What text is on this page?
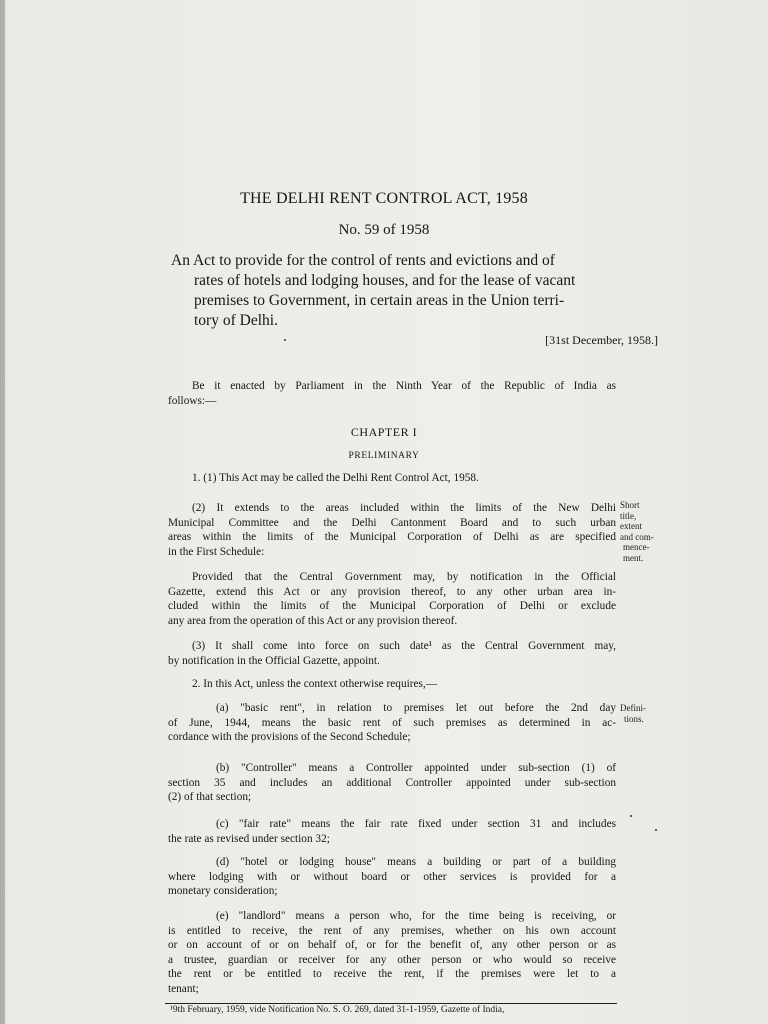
THE DELHI RENT CONTROL ACT, 1958
No. 59 of 1958
An Act to provide for the control of rents and evictions and of
rates of hotels and lodging houses, and for the lease of vacant
premises to Government, in certain areas in the Union terri-
tory of Delhi.
[31st December, 1958.]
Be it enacted by Parliament in the Ninth Year of the Republic of India as
follows:—
CHAPTER I
PRELIMINARY
1. (1) This Act may be called the Delhi Rent Control Act, 1958.
(2) It extends to the areas included within the limits of the New Delhi
Municipal Committee and the Delhi Cantonment Board and to such urban
areas within the limits of the Municipal Corporation of Delhi as are specified
in the First Schedule:
Short
title,
extent
and com-
mence-
ment.
Provided that the Central Government may, by notification in the Official
Gazette, extend this Act or any provision thereof, to any other urban area in-
cluded within the limits of the Municipal Corporation of Delhi or exclude
any area from the operation of this Act or any provision thereof.
(3) It shall come into force on such date¹ as the Central Government may,
by notification in the Official Gazette, appoint.
2. In this Act, unless the context otherwise requires,—
Defini-
tions.
(a) "basic rent", in relation to premises let out before the 2nd day
of June, 1944, means the basic rent of such premises as determined in ac-
cordance with the provisions of the Second Schedule;
(b) "Controller" means a Controller appointed under sub-section (1) of
section 35 and includes an additional Controller appointed under sub-section
(2) of that section;
(c) "fair rate" means the fair rate fixed under section 31 and includes
the rate as revised under section 32;
(d) "hotel or lodging house" means a building or part of a building
where lodging with or without board or other services is provided for a
monetary consideration;
(e) "landlord" means a person who, for the time being is receiving, or
is entitled to receive, the rent of any premises, whether on his own account
or on account of or on behalf of, or for the benefit of, any other person or as
a trustee, guardian or receiver for any other person or who would so receive
the rent or be entitled to receive the rent, if the premises were let to a
tenant;
¹9th February, 1959, vide Notification No. S. O. 269, dated 31-1-1959, Gazette of India,
